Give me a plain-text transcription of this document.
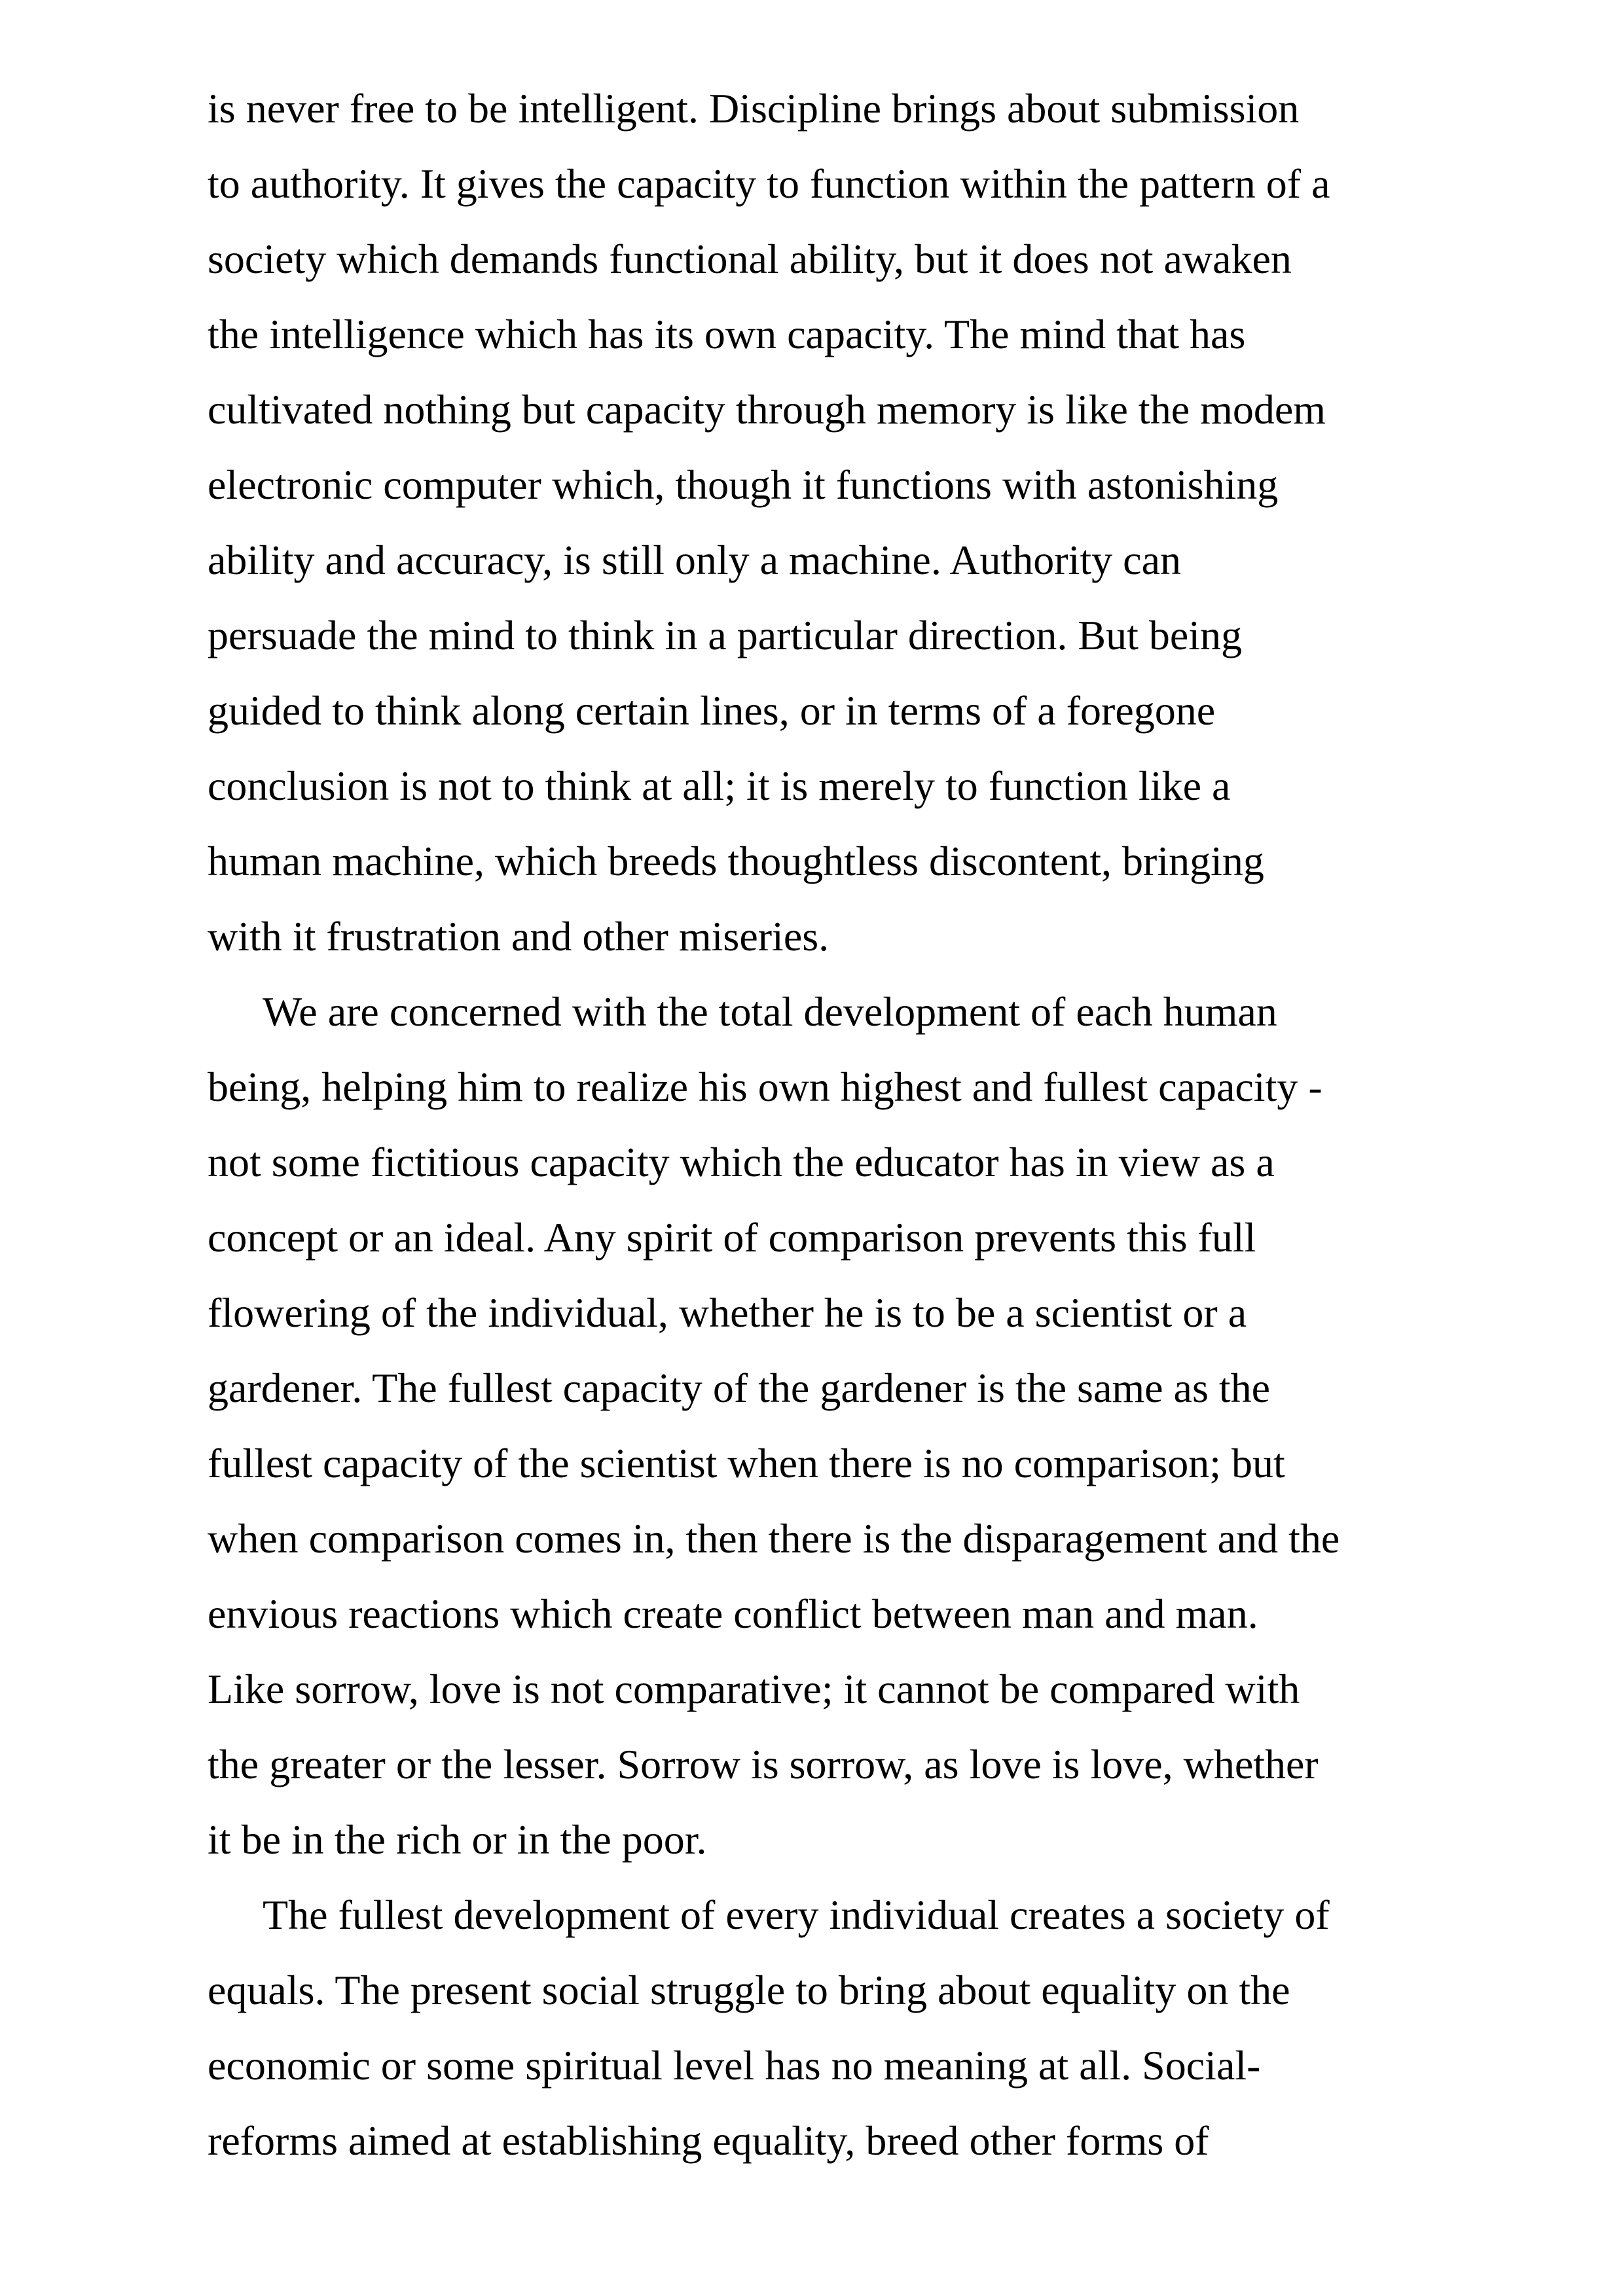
is never free to be intelligent. Discipline brings about submission
to authority. It gives the capacity to function within the pattern of a
society which demands functional ability, but it does not awaken
the intelligence which has its own capacity. The mind that has
cultivated nothing but capacity through memory is like the modem
electronic computer which, though it functions with astonishing
ability and accuracy, is still only a machine. Authority can
persuade the mind to think in a particular direction. But being
guided to think along certain lines, or in terms of a foregone
conclusion is not to think at all; it is merely to function like a
human machine, which breeds thoughtless discontent, bringing
with it frustration and other miseries.
We are concerned with the total development of each human
being, helping him to realize his own highest and fullest capacity -
not some fictitious capacity which the educator has in view as a
concept or an ideal. Any spirit of comparison prevents this full
flowering of the individual, whether he is to be a scientist or a
gardener. The fullest capacity of the gardener is the same as the
fullest capacity of the scientist when there is no comparison; but
when comparison comes in, then there is the disparagement and the
envious reactions which create conflict between man and man.
Like sorrow, love is not comparative; it cannot be compared with
the greater or the lesser. Sorrow is sorrow, as love is love, whether
it be in the rich or in the poor.
The fullest development of every individual creates a society of
equals. The present social struggle to bring about equality on the
economic or some spiritual level has no meaning at all. Social-
reforms aimed at establishing equality, breed other forms of
